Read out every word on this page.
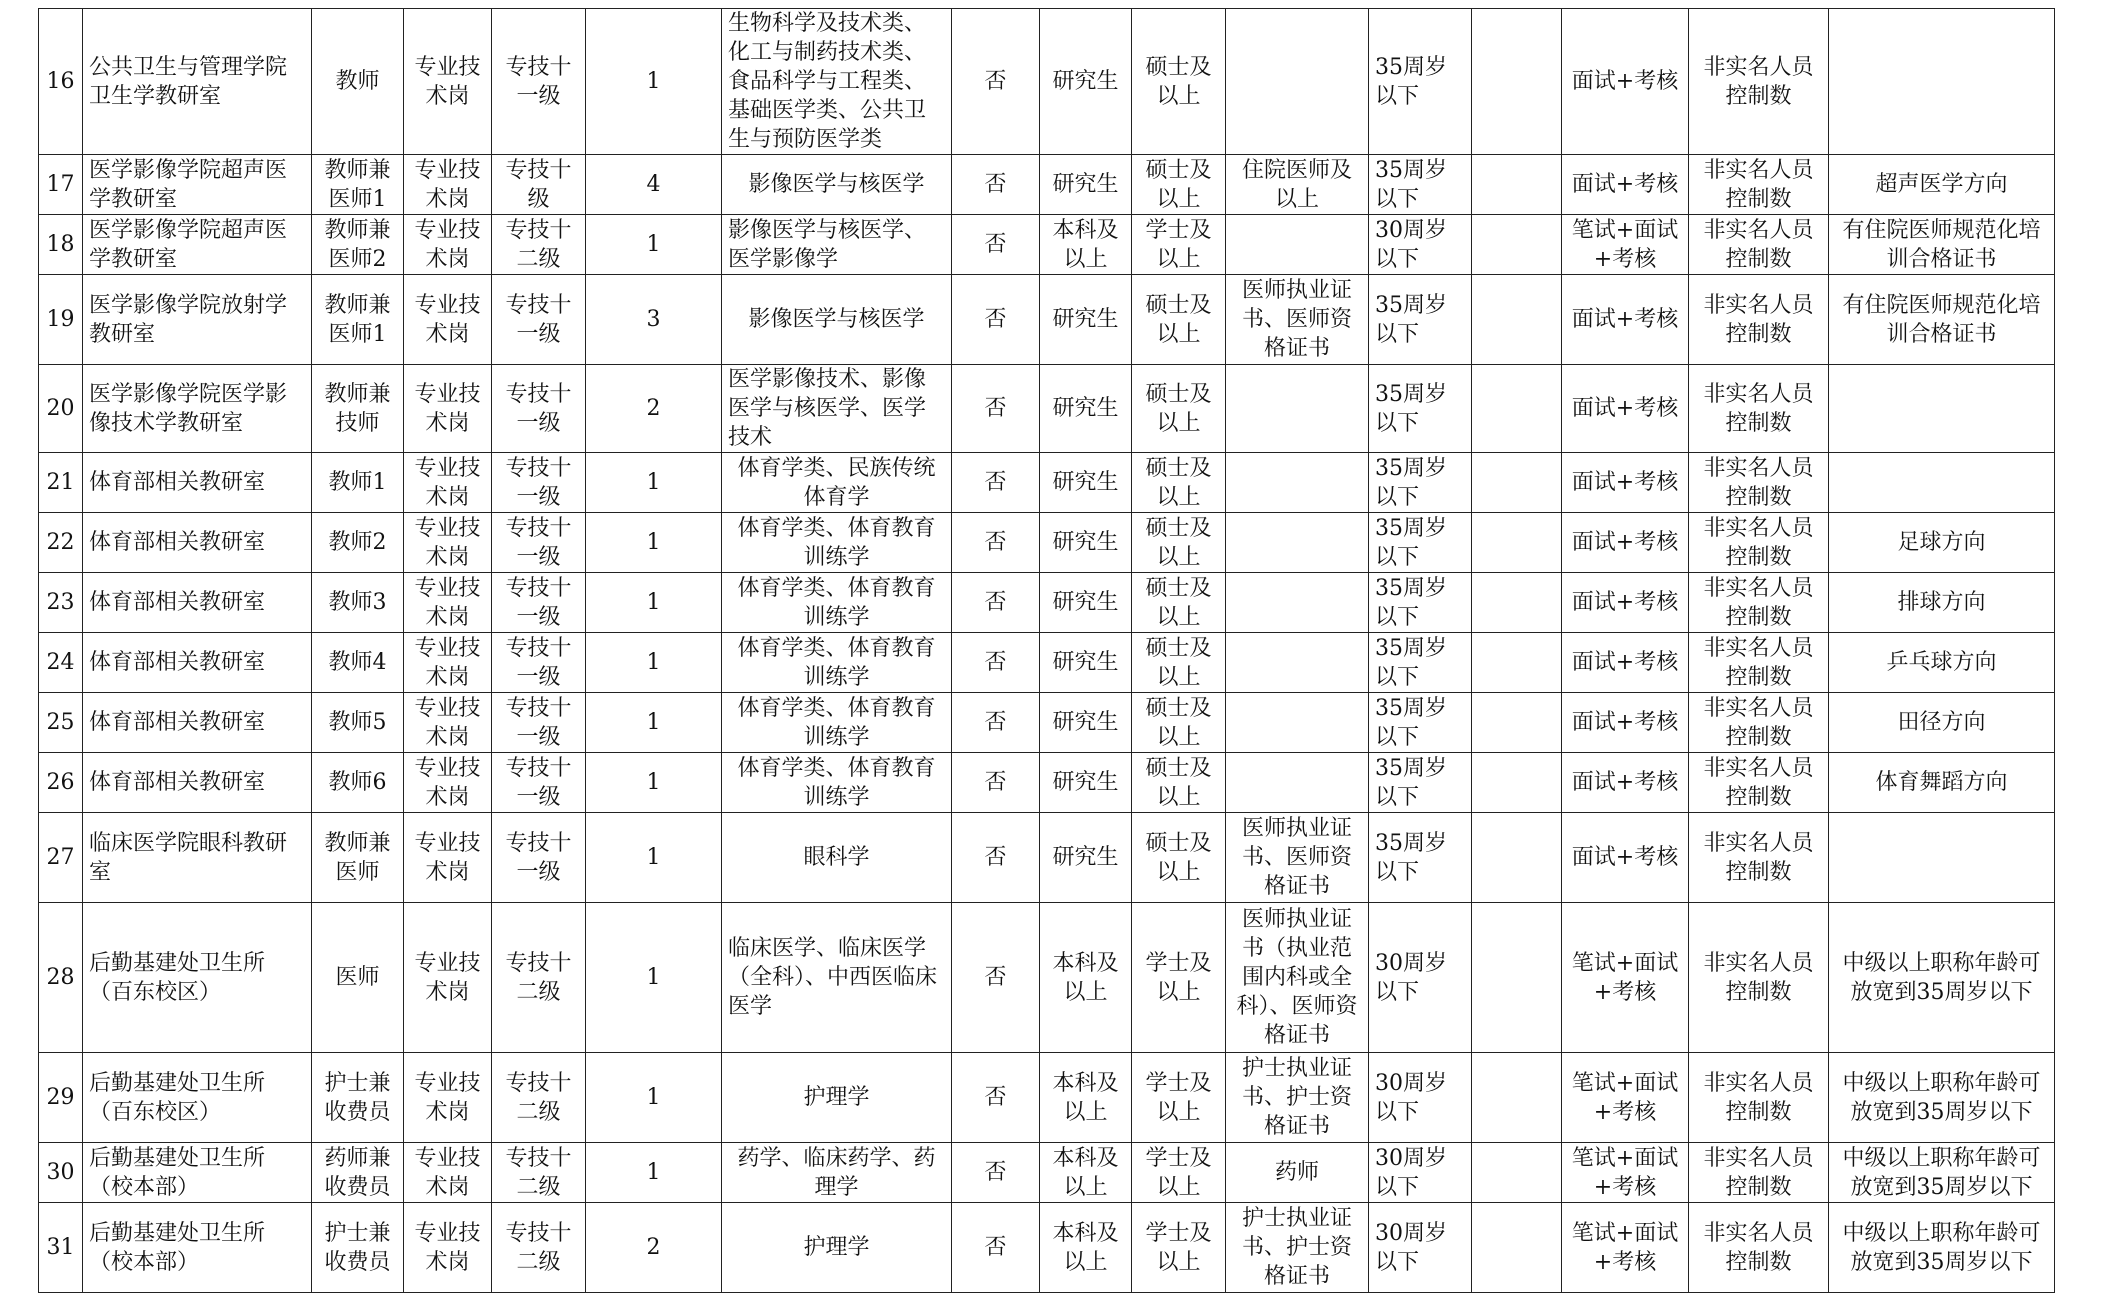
16	公共卫生与管理学院卫生学教研室	教师	专业技术岗	专技十一级	1	生物科学及技术类、化工与制药技术类、食品科学与工程类、基础医学类、公共卫生与预防医学类	否	研究生	硕士及以上		35周岁以下		面试+考核	非实名人员控制数	
17	医学影像学院超声医学教研室	教师兼医师1	专业技术岗	专技十级	4	影像医学与核医学	否	研究生	硕士及以上	住院医师及以上	35周岁以下		面试+考核	非实名人员控制数	超声医学方向
18	医学影像学院超声医学教研室	教师兼医师2	专业技术岗	专技十二级	1	影像医学与核医学、医学影像学	否	本科及以上	学士及以上		30周岁以下		笔试+面试+考核	非实名人员控制数	有住院医师规范化培训合格证书
19	医学影像学院放射学教研室	教师兼医师1	专业技术岗	专技十一级	3	影像医学与核医学	否	研究生	硕士及以上	医师执业证书、医师资格证书	35周岁以下		面试+考核	非实名人员控制数	有住院医师规范化培训合格证书
20	医学影像学院医学影像技术学教研室	教师兼技师	专业技术岗	专技十一级	2	医学影像技术、影像医学与核医学、医学技术	否	研究生	硕士及以上		35周岁以下		面试+考核	非实名人员控制数	
21	体育部相关教研室	教师1	专业技术岗	专技十一级	1	体育学类、民族传统体育学	否	研究生	硕士及以上		35周岁以下		面试+考核	非实名人员控制数	
22	体育部相关教研室	教师2	专业技术岗	专技十一级	1	体育学类、体育教育训练学	否	研究生	硕士及以上		35周岁以下		面试+考核	非实名人员控制数	足球方向
23	体育部相关教研室	教师3	专业技术岗	专技十一级	1	体育学类、体育教育训练学	否	研究生	硕士及以上		35周岁以下		面试+考核	非实名人员控制数	排球方向
24	体育部相关教研室	教师4	专业技术岗	专技十一级	1	体育学类、体育教育训练学	否	研究生	硕士及以上		35周岁以下		面试+考核	非实名人员控制数	乒乓球方向
25	体育部相关教研室	教师5	专业技术岗	专技十一级	1	体育学类、体育教育训练学	否	研究生	硕士及以上		35周岁以下		面试+考核	非实名人员控制数	田径方向
26	体育部相关教研室	教师6	专业技术岗	专技十一级	1	体育学类、体育教育训练学	否	研究生	硕士及以上		35周岁以下		面试+考核	非实名人员控制数	体育舞蹈方向
27	临床医学院眼科教研室	教师兼医师	专业技术岗	专技十一级	1	眼科学	否	研究生	硕士及以上	医师执业证书、医师资格证书	35周岁以下		面试+考核	非实名人员控制数	
28	后勤基建处卫生所（百东校区）	医师	专业技术岗	专技十二级	1	临床医学、临床医学（全科）、中西医临床医学	否	本科及以上	学士及以上	医师执业证书（执业范围内科或全科）、医师资格证书	30周岁以下		笔试+面试+考核	非实名人员控制数	中级以上职称年龄可放宽到35周岁以下
29	后勤基建处卫生所（百东校区）	护士兼收费员	专业技术岗	专技十二级	1	护理学	否	本科及以上	学士及以上	护士执业证书、护士资格证书	30周岁以下		笔试+面试+考核	非实名人员控制数	中级以上职称年龄可放宽到35周岁以下
30	后勤基建处卫生所（校本部）	药师兼收费员	专业技术岗	专技十二级	1	药学、临床药学、药理学	否	本科及以上	学士及以上	药师	30周岁以下		笔试+面试+考核	非实名人员控制数	中级以上职称年龄可放宽到35周岁以下
31	后勤基建处卫生所（校本部）	护士兼收费员	专业技术岗	专技十二级	2	护理学	否	本科及以上	学士及以上	护士执业证书、护士资格证书	30周岁以下		笔试+面试+考核	非实名人员控制数	中级以上职称年龄可放宽到35周岁以下
